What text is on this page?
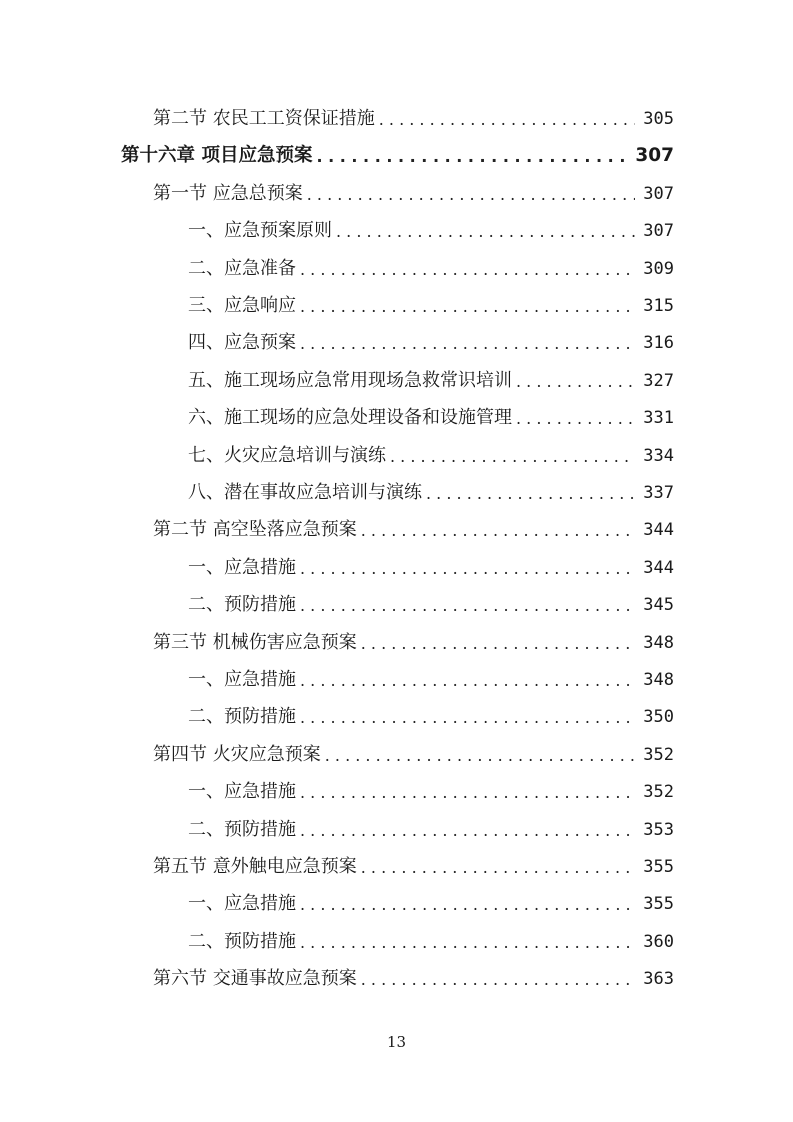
第二节 农民工工资保证措施 . . .	305
第十六章 项目应急预案 . . .	307
第一节 应急总预案 . . .	307
一、应急预案原则 . . .	307
二、应急准备 . . .	309
三、应急响应 . . .	315
四、应急预案 . . .	316
五、施工现场应急常用现场急救常识培训 . . .	327
六、施工现场的应急处理设备和设施管理 . . .	331
七、火灾应急培训与演练 . . .	334
八、潜在事故应急培训与演练 . . .	337
第二节 高空坠落应急预案 . . .	344
一、应急措施 . . .	344
二、预防措施 . . .	345
第三节 机械伤害应急预案 . . .	348
一、应急措施 . . .	348
二、预防措施 . . .	350
第四节 火灾应急预案 . . .	352
一、应急措施 . . .	352
二、预防措施 . . .	353
第五节 意外触电应急预案 . . .	355
一、应急措施 . . .	355
二、预防措施 . . .	360
第六节 交通事故应急预案 . . .	363
13
